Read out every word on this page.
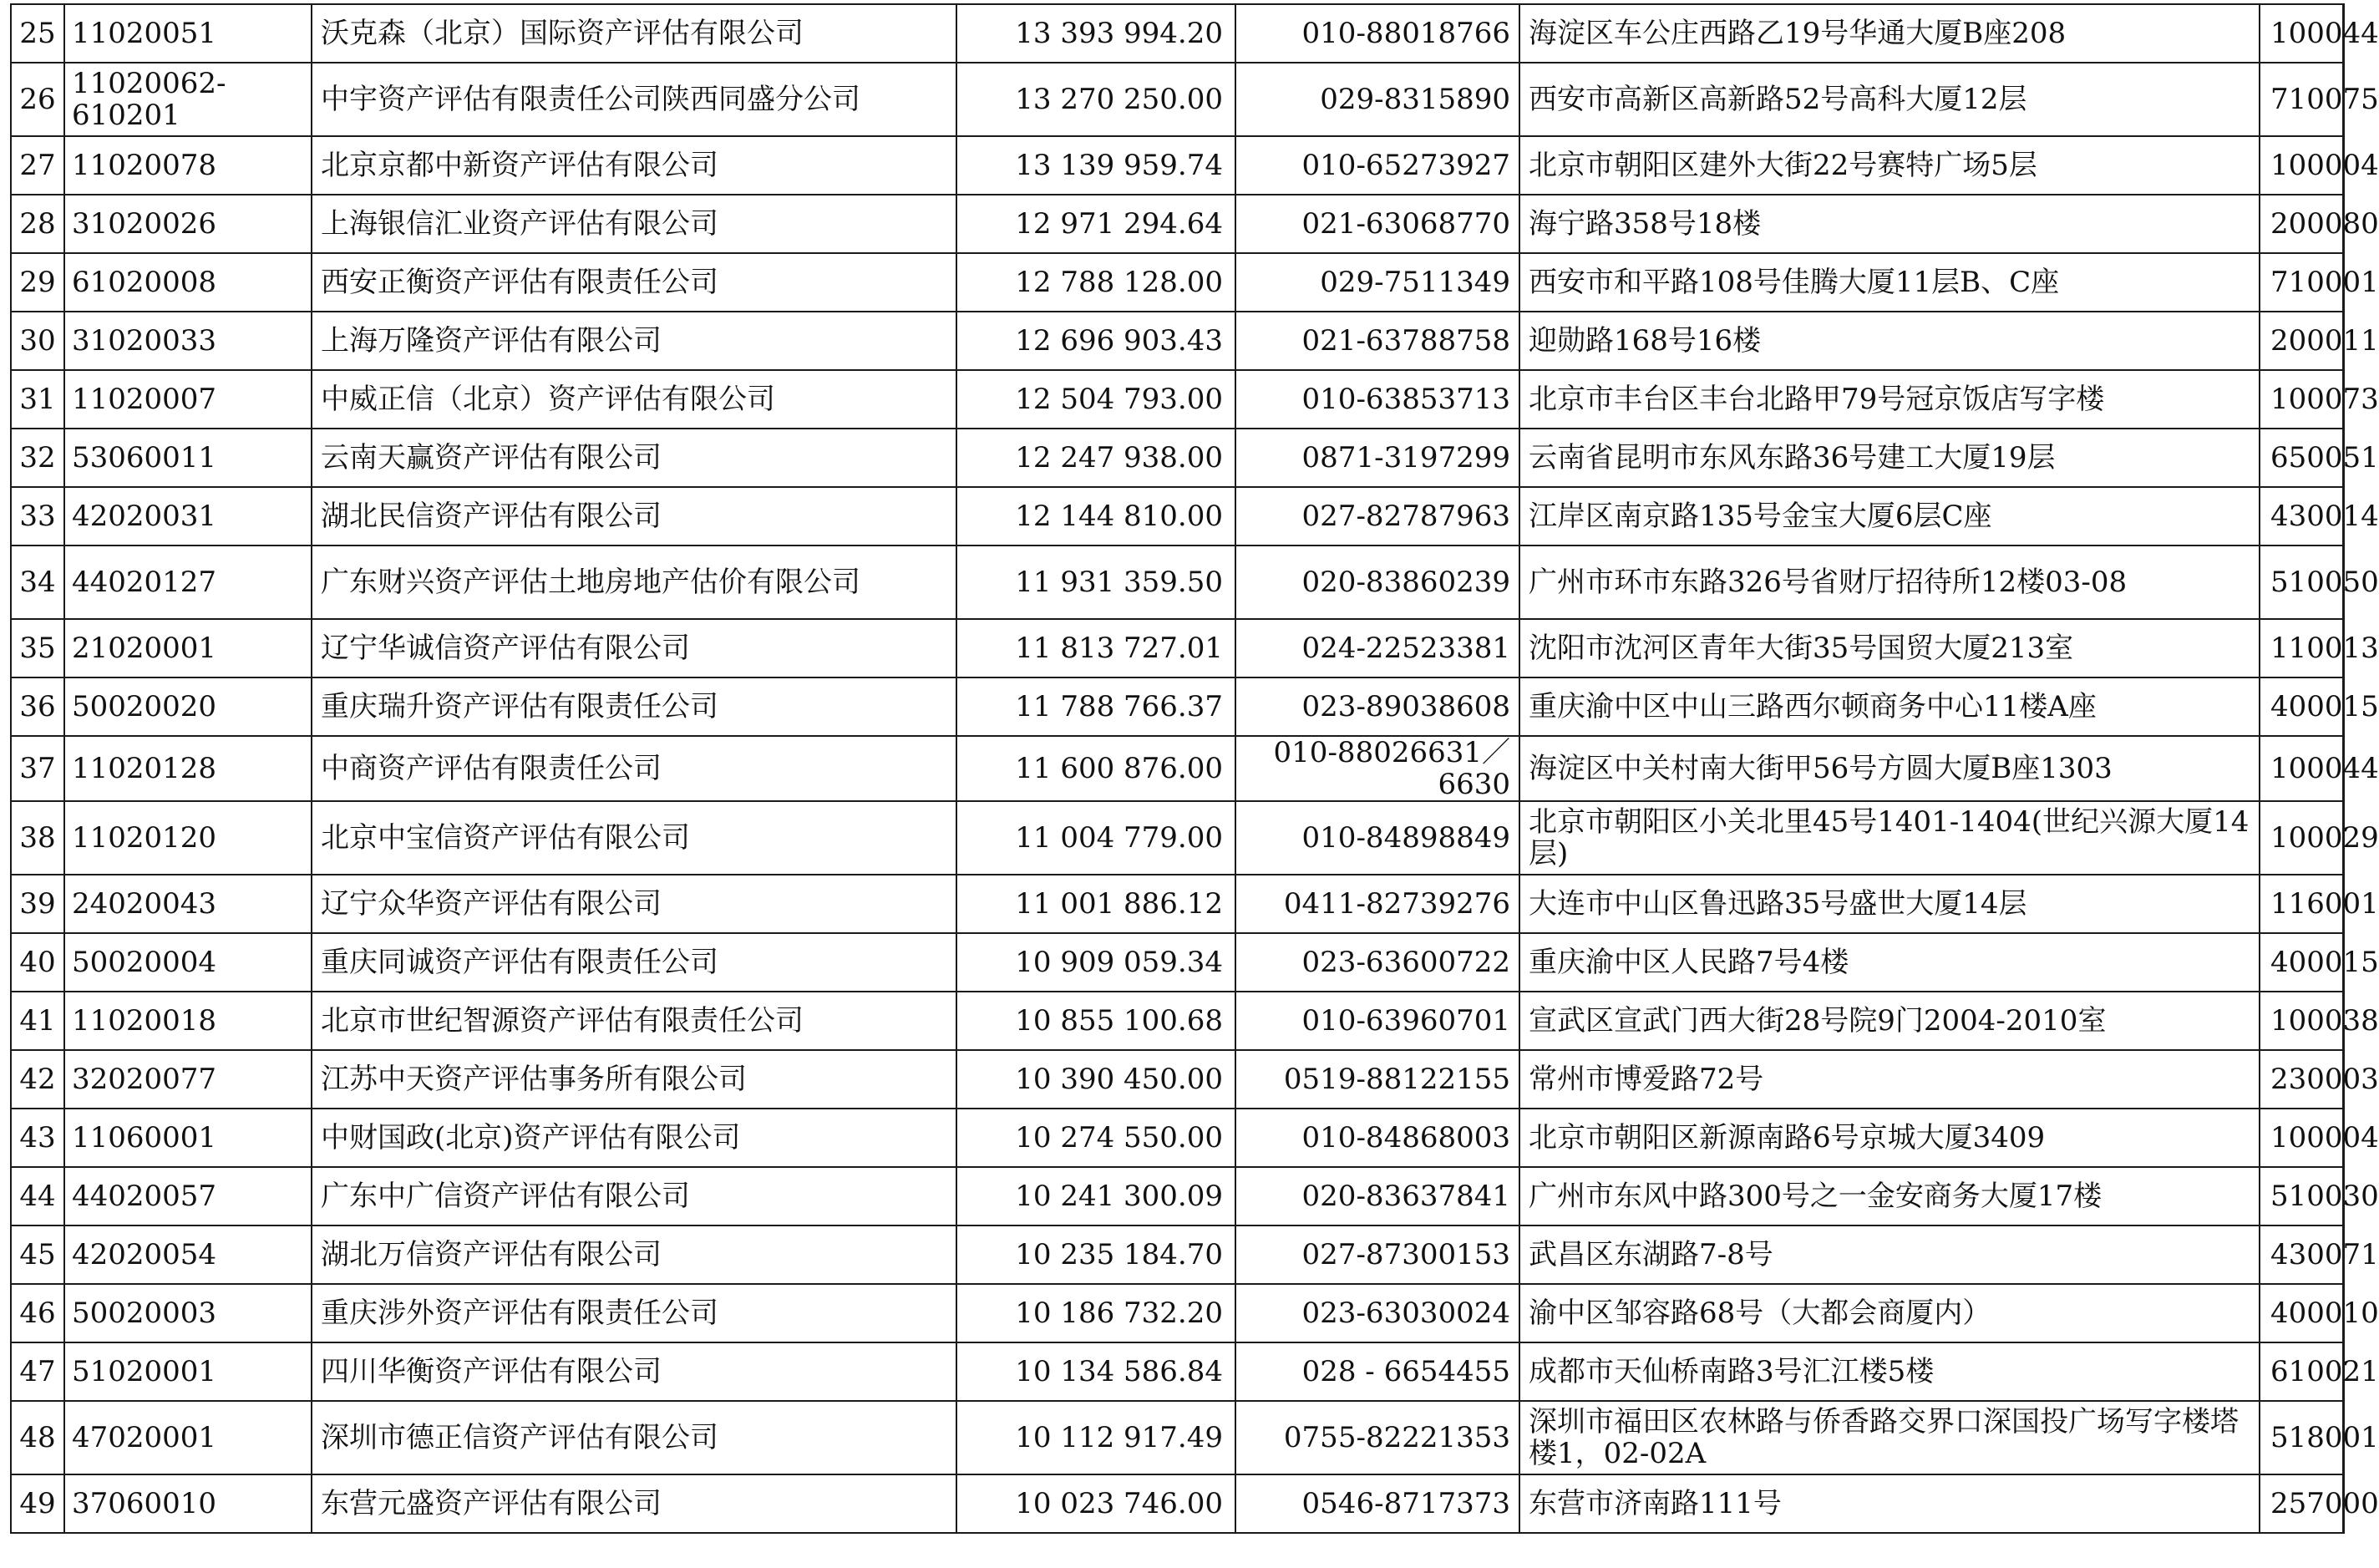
25	11020051	沃克森（北京）国际资产评估有限公司	13 393 994.20	010-88018766	海淀区车公庄西路乙19号华通大厦B座208	100044
26	11020062-610201	中宇资产评估有限责任公司陕西同盛分公司	13 270 250.00	029-8315890	西安市高新区高新路52号高科大厦12层	710075
27	11020078	北京京都中新资产评估有限公司	13 139 959.74	010-65273927	北京市朝阳区建外大街22号赛特广场5层	100004
28	31020026	上海银信汇业资产评估有限公司	12 971 294.64	021-63068770	海宁路358号18楼	200080
29	61020008	西安正衡资产评估有限责任公司	12 788 128.00	029-7511349	西安市和平路108号佳腾大厦11层B、C座	710001
30	31020033	上海万隆资产评估有限公司	12 696 903.43	021-63788758	迎勋路168号16楼	200011
31	11020007	中威正信（北京）资产评估有限公司	12 504 793.00	010-63853713	北京市丰台区丰台北路甲79号冠京饭店写字楼	100073
32	53060011	云南天赢资产评估有限公司	12 247 938.00	0871-3197299	云南省昆明市东风东路36号建工大厦19层	650051
33	42020031	湖北民信资产评估有限公司	12 144 810.00	027-82787963	江岸区南京路135号金宝大厦6层C座	430014
34	44020127	广东财兴资产评估土地房地产估价有限公司	11 931 359.50	020-83860239	广州市环市东路326号省财厅招待所12楼03-08	510050
35	21020001	辽宁华诚信资产评估有限公司	11 813 727.01	024-22523381	沈阳市沈河区青年大街35号国贸大厦213室	110013
36	50020020	重庆瑞升资产评估有限责任公司	11 788 766.37	023-89038608	重庆渝中区中山三路西尔顿商务中心11楼A座	400015
37	11020128	中商资产评估有限责任公司	11 600 876.00	010-88026631／6630	海淀区中关村南大街甲56号方圆大厦B座1303	100044
38	11020120	北京中宝信资产评估有限公司	11 004 779.00	010-84898849	北京市朝阳区小关北里45号1401-1404(世纪兴源大厦14层)	100029
39	24020043	辽宁众华资产评估有限公司	11 001 886.12	0411-82739276	大连市中山区鲁迅路35号盛世大厦14层	116001
40	50020004	重庆同诚资产评估有限责任公司	10 909 059.34	023-63600722	重庆渝中区人民路7号4楼	400015
41	11020018	北京市世纪智源资产评估有限责任公司	10 855 100.68	010-63960701	宣武区宣武门西大街28号院9门2004-2010室	100038
42	32020077	江苏中天资产评估事务所有限公司	10 390 450.00	0519-88122155	常州市博爱路72号	230003
43	11060001	中财国政(北京)资产评估有限公司	10 274 550.00	010-84868003	北京市朝阳区新源南路6号京城大厦3409	100004
44	44020057	广东中广信资产评估有限公司	10 241 300.09	020-83637841	广州市东风中路300号之一金安商务大厦17楼	510030
45	42020054	湖北万信资产评估有限公司	10 235 184.70	027-87300153	武昌区东湖路7-8号	430071
46	50020003	重庆涉外资产评估有限责任公司	10 186 732.20	023-63030024	渝中区邹容路68号（大都会商厦内）	400010
47	51020001	四川华衡资产评估有限公司	10 134 586.84	028 - 6654455	成都市天仙桥南路3号汇江楼5楼	610021
48	47020001	深圳市德正信资产评估有限公司	10 112 917.49	0755-82221353	深圳市福田区农林路与侨香路交界口深国投广场写字楼塔楼1，02-02A	518001
49	37060010	东营元盛资产评估有限公司	10 023 746.00	0546-8717373	东营市济南路111号	257000
